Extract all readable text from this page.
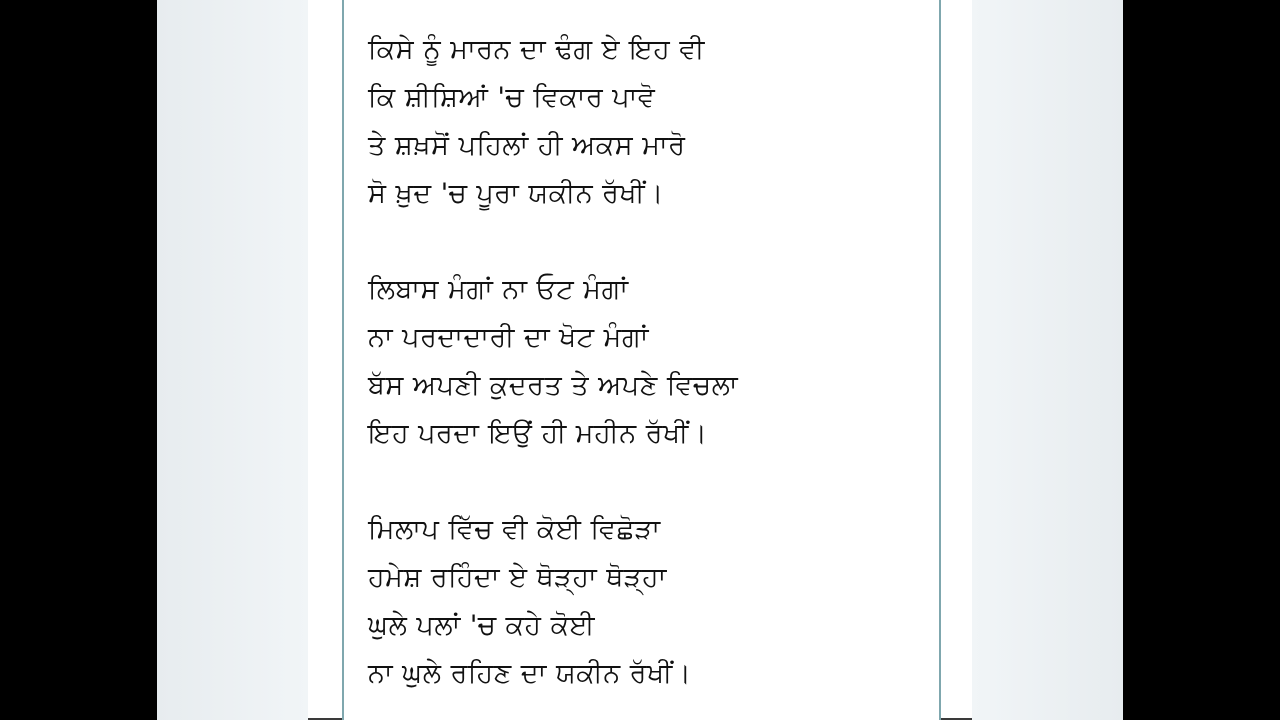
ਕਿਸੇ ਨੂੰ ਮਾਰਨ ਦਾ ਢੰਗ ਏ ਇਹ ਵੀ
ਕਿ ਸ਼ੀਸ਼ਿਆਂ 'ਚ ਵਿਕਾਰ ਪਾਵੋ
ਤੇ ਸ਼ਖ਼ਸੋਂ ਪਹਿਲਾਂ ਹੀ ਅਕਸ ਮਾਰੋ
ਸੋ ਖ਼ੁਦ 'ਚ ਪੂਰਾ ਯਕੀਨ ਰੱਖੀਂ।
ਲਿਬਾਸ ਮੰਗਾਂ ਨਾ ਓਟ ਮੰਗਾਂ
ਨਾ ਪਰਦਾਦਾਰੀ ਦਾ ਖੋਟ ਮੰਗਾਂ
ਬੱਸ ਅਪਣੀ ਕੁਦਰਤ ਤੇ ਅਪਣੇ ਵਿਚਲਾ
ਇਹ ਪਰਦਾ ਇਉਂ ਹੀ ਮਹੀਨ ਰੱਖੀਂ।
ਮਿਲਾਪ ਵਿੱਚ ਵੀ ਕੋਈ ਵਿਛੋੜਾ
ਹਮੇਸ਼ ਰਹਿੰਦਾ ਏ ਥੋੜ੍ਹਾ ਥੋੜ੍ਹਾ
ਘੁਲੇ ਪਲਾਂ 'ਚ ਕਹੇ ਕੋਈ
ਨਾ ਘੁਲੇ ਰਹਿਣ ਦਾ ਯਕੀਨ ਰੱਖੀਂ।
